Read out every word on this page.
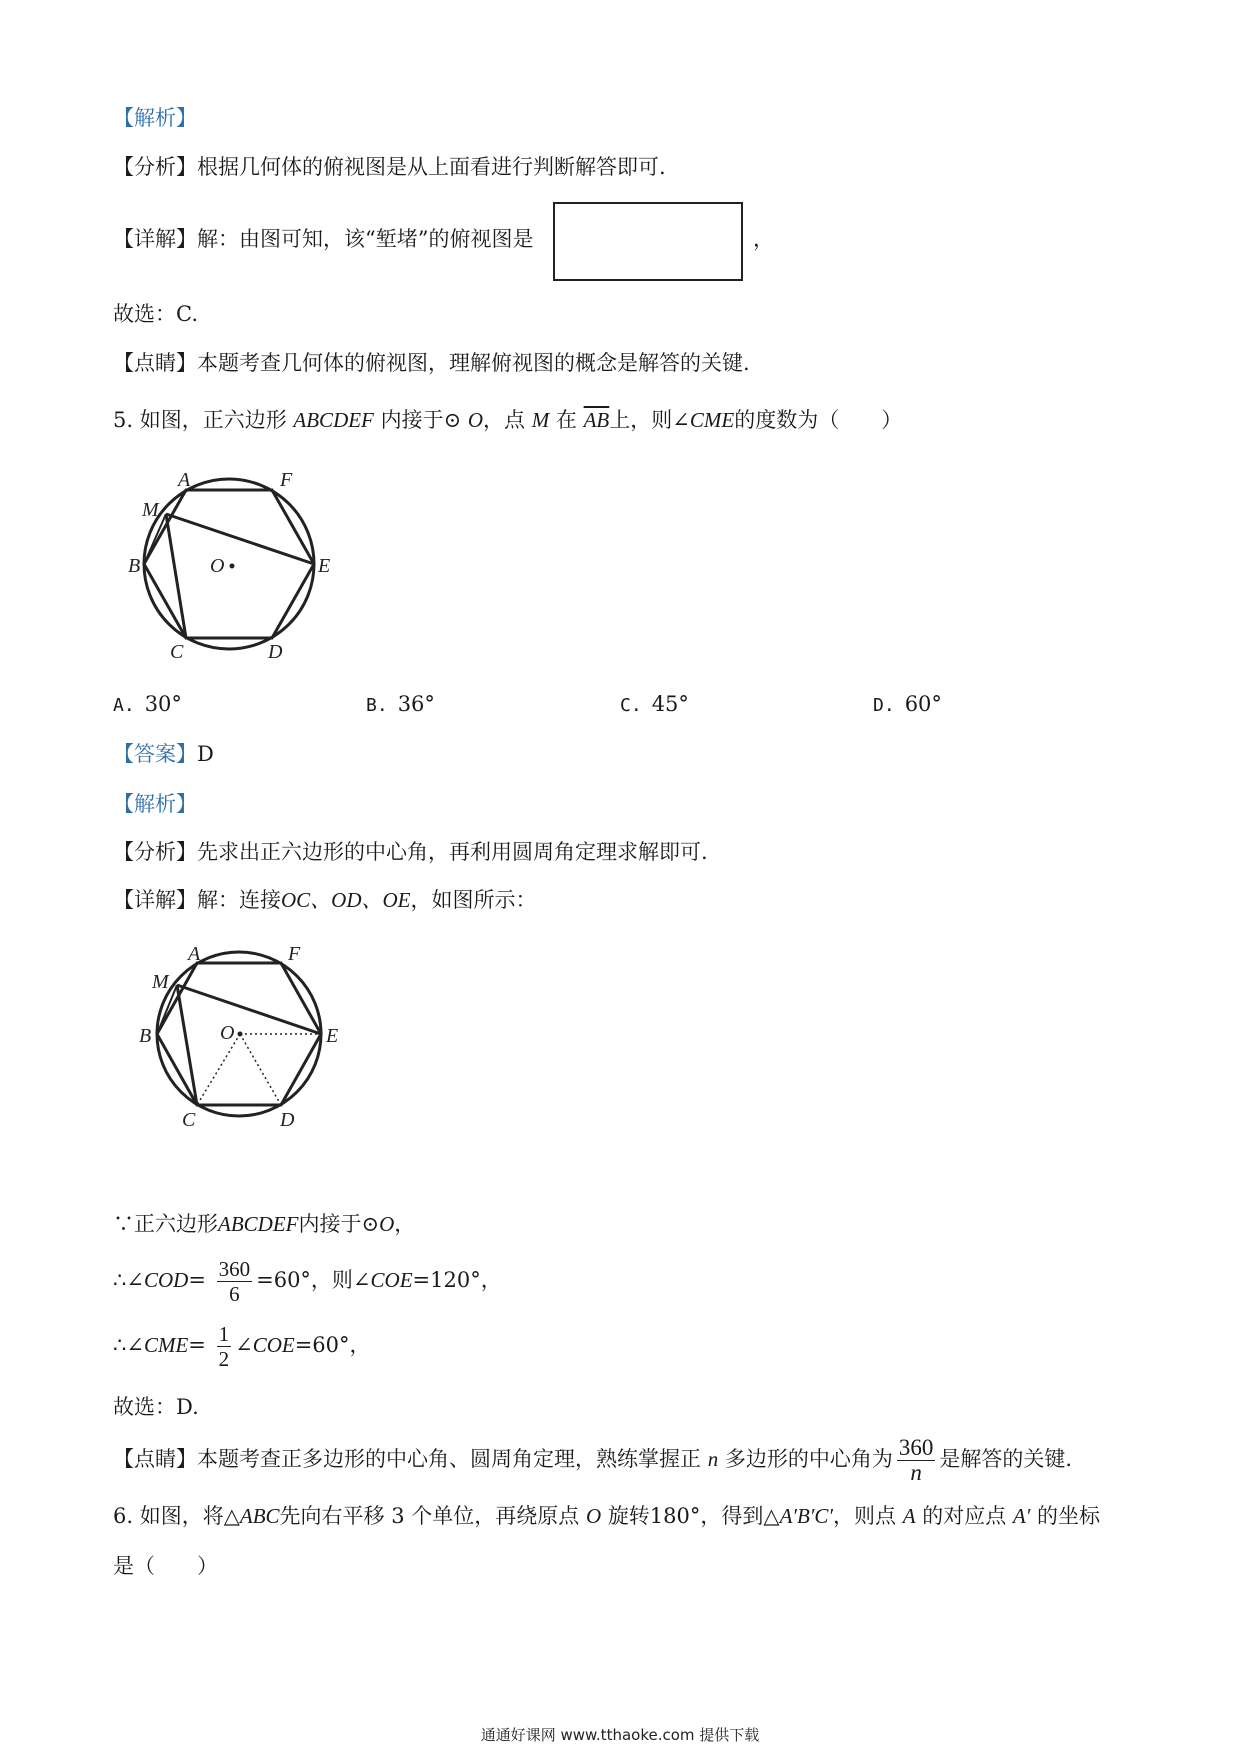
【解析】
【分析】根据几何体的俯视图是从上面看进行判断解答即可.
【详解】解：由图可知，该“堑堵”的俯视图是	，
故选：C.
【点睛】本题考查几何体的俯视图，理解俯视图的概念是解答的关键.
5. 如图，正六边形 ABCDEF 内接于⊙ O，点 M 在 $\overline{AB}$上，则∠CME的度数为（　　）
A	F
M
B	O	E
C	D
A. 30°	B. 36°	C. 45°	D. 60°
【答案】D
【解析】
【分析】先求出正六边形的中心角，再利用圆周角定理求解即可.
【详解】解：连接OC、OD、OE，如图所示：
A	F
M
B	O	E
C	D
∵正六边形ABCDEF内接于⊙O，
∴∠COD= $\frac{360}{6} =60^\circ$，则∠COE=120°，
∴∠CME= $\frac{1}{2}$ ∠COE=60°，
故选：D.
【点睛】本题考查正多边形的中心角、圆周角定理，熟练掌握正 n 多边形的中心角为 $\frac{360}{n}$ 是解答的关键.
6. 如图，将△ABC先向右平移 3 个单位，再绕原点 O 旋转180°，得到△A′B′C′，则点 A 的对应点 A′ 的坐标
是（　　）
通通好课网 www.tthaoke.com 提供下载
